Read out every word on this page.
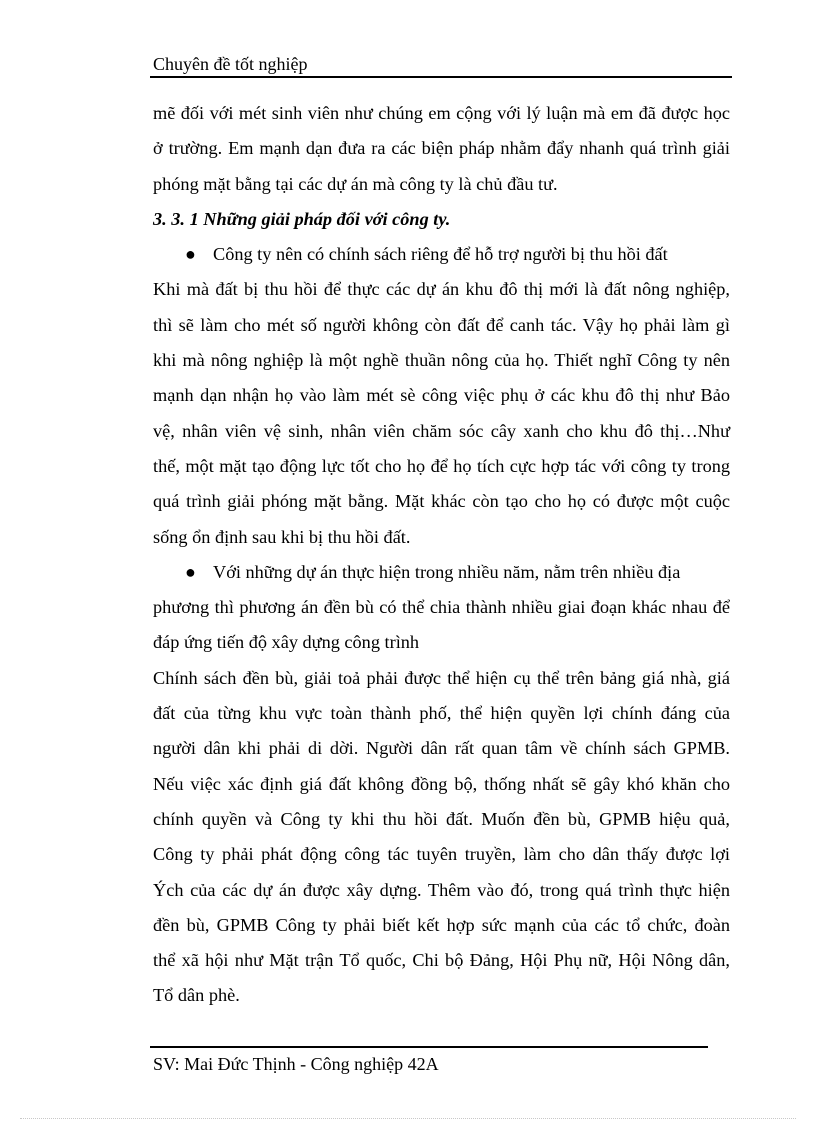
Chuyên đề tốt nghiệp

mẽ đối với mét sinh viên như chúng em cộng với lý luận mà em đã được học

ở trường. Em mạnh dạn đưa ra các biện pháp nhằm đẩy nhanh quá trình giải

phóng mặt bằng tại các dự án mà công ty là chủ đầu tư.

3. 3. 1 Những giải pháp đối với công ty.

● Công ty nên có chính sách riêng để hỗ trợ người bị thu hồi đất

Khi mà đất bị thu hồi để thực các dự án khu đô thị mới là đất nông nghiệp,

thì sẽ làm cho mét số người không còn đất để canh tác. Vậy họ phải làm gì

khi mà nông nghiệp là một nghề thuần nông của họ. Thiết nghĩ Công ty nên

mạnh dạn nhận họ vào làm mét sè công việc phụ ở các khu đô thị như Bảo

vệ, nhân viên vệ sinh, nhân viên chăm sóc cây xanh cho khu đô thị…Như

thế, một mặt tạo động lực tốt cho họ để họ tích cực hợp tác với công ty trong

quá trình giải phóng mặt bằng. Mặt khác còn tạo cho họ có được một cuộc

sống ổn định sau khi bị thu hồi đất.

● Với những dự án thực hiện trong nhiều năm, nằm trên nhiều địa

phương thì phương án đền bù có thể chia thành nhiều giai đoạn khác nhau để

đáp ứng tiến độ xây dựng công trình

Chính sách đền bù, giải toả phải được thể hiện cụ thể trên bảng giá nhà, giá

đất của từng khu vực toàn thành phố, thể hiện quyền lợi chính đáng của

người dân khi phải di dời. Người dân rất quan tâm về chính sách GPMB.

Nếu việc xác định giá đất không đồng bộ, thống nhất sẽ gây khó khăn cho

chính quyền và Công ty khi thu hồi đất. Muốn đền bù, GPMB hiệu quả,

Công ty phải phát động công tác tuyên truyền, làm cho dân thấy được lợi

Ých của các dự án được xây dựng. Thêm vào đó, trong quá trình thực hiện

đền bù, GPMB Công ty phải biết kết hợp sức mạnh của các tổ chức, đoàn

thể xã hội như Mặt trận Tổ quốc, Chi bộ Đảng, Hội Phụ nữ, Hội Nông dân,

Tổ dân phè.

SV: Mai Đức Thịnh - Công nghiệp 42A
